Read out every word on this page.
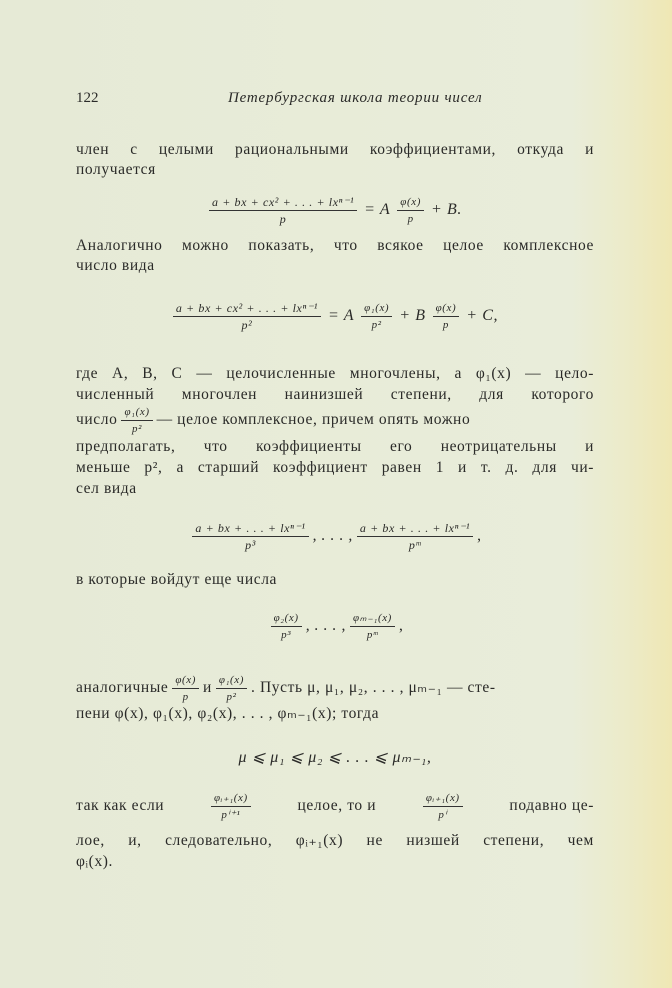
122	Петербургская школа теории чисел
член с целыми рациональными коэффициентами, откуда и
получается
a + bx + cx² + . . . + lxⁿ⁻¹
p
= A $\frac{\varphi(x)}{p} + B$.
Аналогично можно показать, что всякое целое комплексное
число вида
a + bx + cx² + . . . + lxⁿ⁻¹
p²
= A $\frac{\text{φ₁(x)}}{\text{p²}} + B \frac{\varphi(x)}{p} + C$,
где A, B, C — целочисленные многочлены, а φ₁(x) — цело-
численный многочлен наинизшей степени, для которого
число $\frac{\text{φ₁(x)}}{\text{p²}}$ — целое комплексное, причем опять можно
предполагать, что коэффициенты его неотрицательны и
меньше p², а старший коэффициент равен 1 и т. д. для чи-
сел вида
a + bx + . . . + lxⁿ⁻¹
p³
, . . . , a + bx + . . . + lxⁿ⁻¹
pᵐ
,
в которые войдут еще числа
$\frac{\text{φ₂(x)}}{\text{p³}}$ , . . . , $\frac{\text{φₘ₋₁(x)}}{\text{pᵐ}}$ ,
аналогичные $\frac{\varphi(x)}{p}$ и $\frac{\text{φ₁(x)}}{\text{p²}}$ . Пусть μ, μ₁, μ₂, . . . , μₘ₋₁ — сте-
пени φ(x), φ₁(x), φ₂(x), . . . , φₘ₋₁(x); тогда
μ ⩽ μ₁ ⩽ μ₂ ⩽ . . . ⩽ μₘ₋₁,
так как если	$\frac{\text{φᵢ₊₁(x)}}{\text{pⁱ⁺¹}}$	целое, то и	$\frac{\text{φᵢ₊₁(x)}}{\text{pⁱ}}$	подавно це-
лое, и, следовательно, φᵢ₊₁(x) не низшей степени, чем
φᵢ(x).
